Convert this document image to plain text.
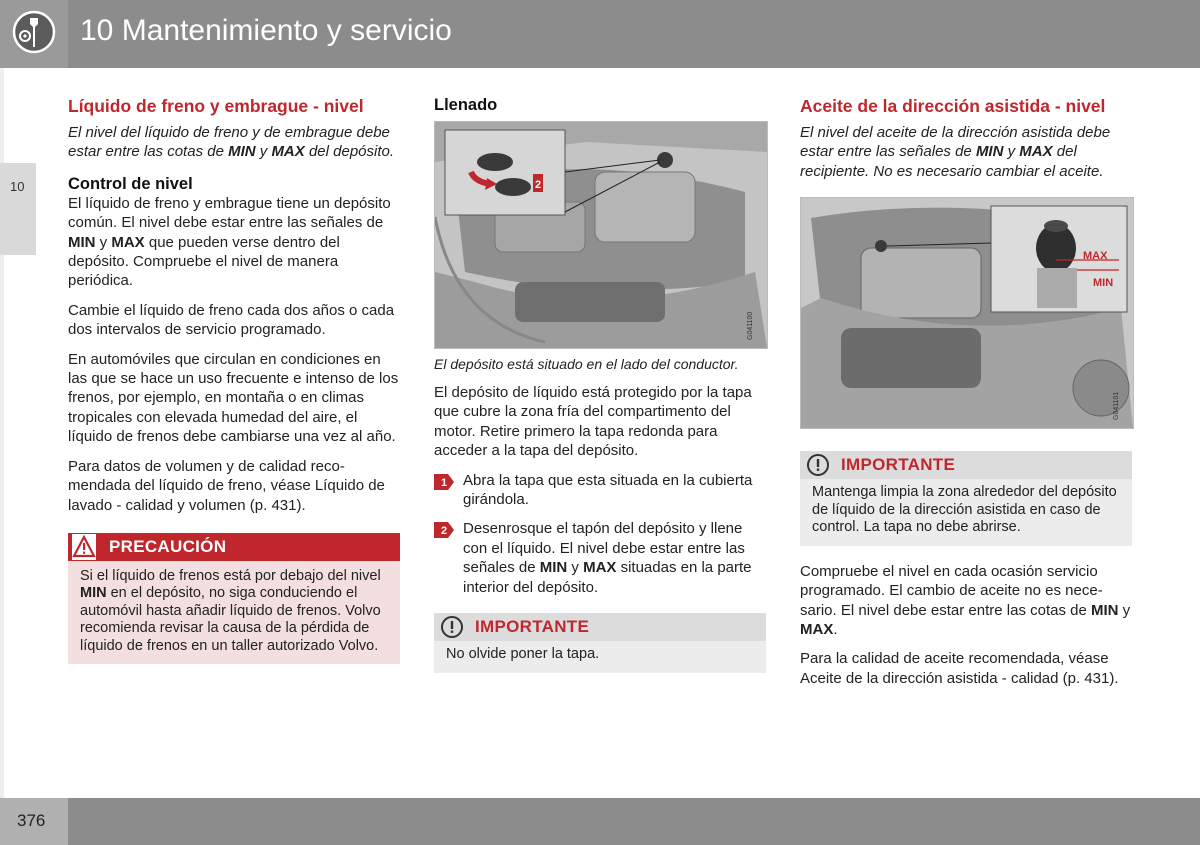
10 Mantenimiento y servicio
10
Líquido de freno y embrague - nivel

El nivel del líquido de freno y de embrague debe estar entre las cotas de MIN y MAX del depósito.

Control de nivel

El líquido de freno y embrague tiene un depósito común. El nivel debe estar entre las señales de MIN y MAX que pueden verse dentro del depósito. Compruebe el nivel de manera periódica.

Cambie el líquido de freno cada dos años o cada dos intervalos de servicio programado.

En automóviles que circulan en condiciones en las que se hace un uso frecuente e intenso de los frenos, por ejemplo, en montaña o en climas tropicales con elevada humedad del aire, el líquido de frenos debe cambiarse una vez al año.

Para datos de volumen y de calidad recomendada del líquido de freno, véase Líquido de lavado - calidad y volumen (p. 431).

PRECAUCIÓN
Si el líquido de frenos está por debajo del nivel MIN en el depósito, no siga conduciendo el automóvil hasta añadir líquido de frenos. Volvo recomienda revisar la causa de la pérdida de líquido de frenos en un taller autorizado Volvo.
Llenado
2
G041100
El depósito está situado en el lado del conductor.

El depósito de líquido está protegido por la tapa que cubre la zona fría del compartimento del motor. Retire primero la tapa redonda para acceder a la tapa del depósito.

1 Abra la tapa que esta situada en la cubierta girándola.
2 Desenrosque el tapón del depósito y llene con el líquido. El nivel debe estar entre las señales de MIN y MAX situadas en la parte interior del depósito.
IMPORTANTE
No olvide poner la tapa.
Aceite de la dirección asistida - nivel

El nivel del aceite de la dirección asistida debe estar entre las señales de MIN y MAX del recipiente. No es necesario cambiar el aceite.

MAX
MIN
G041101
IMPORTANTE
Mantenga limpia la zona alrededor del depósito de líquido de la dirección asistida en caso de control. La tapa no debe abrirse.

Compruebe el nivel en cada ocasión servicio programado. El cambio de aceite no es necesario. El nivel debe estar entre las cotas de MIN y MAX.

Para la calidad de aceite recomendada, véase Aceite de la dirección asistida - calidad (p. 431).

376
